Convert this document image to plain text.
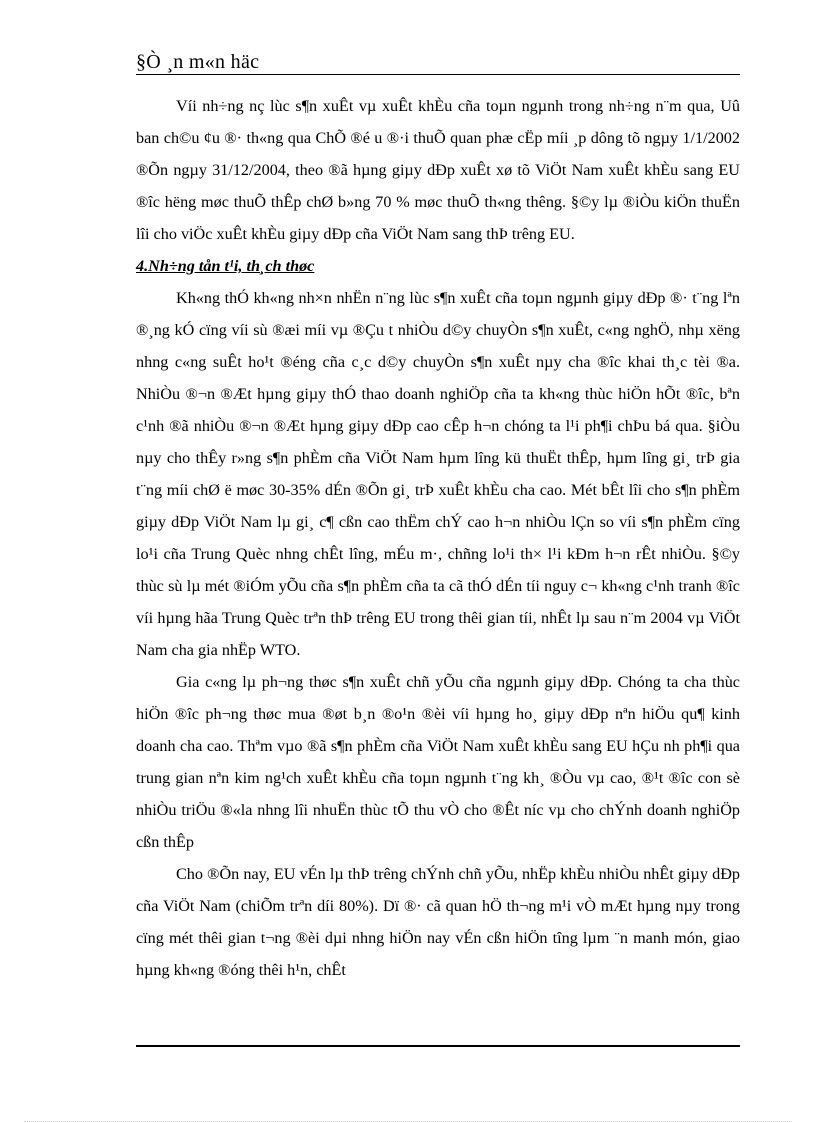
§Ò ¸n m«n häc

Víi nh÷ng nç lùc s¶n xuÊt vµ xuÊt khÈu cña toµn ngµnh trong nh÷ng n¨m qua, Uû ban ch©u ¢u ®· th«ng qua ChÕ ®é u ®·i thuÕ quan phæ cËp míi ¸p dông tõ ngµy 1/1/2002 ®Õn ngµy 31/12/2004, theo ®ã hµng giµy dÐp xuÊt xø tõ ViÖt Nam xuÊt khÈu sang EU ®îc hëng møc thuÕ thÊp chØ b»ng 70 % møc thuÕ th«ng thêng. §©y lµ ®iÒu kiÖn thuËn lîi cho viÖc xuÊt khÈu giµy dÐp cña ViÖt Nam sang thÞ trêng EU.

4.Nh÷ng tån t¹i, th¸ch thøc

Kh«ng thÓ kh«ng nh×n nhËn n¨ng lùc s¶n xuÊt cña toµn ngµnh giµy dÐp ®· t¨ng lªn ®¸ng kÓ cïng víi sù ®æi míi vµ ®Çu t nhiÒu d©y chuyÒn s¶n xuÊt, c«ng nghÖ, nhµ xëng nhng c«ng suÊt ho¹t ®éng cña c¸c d©y chuyÒn s¶n xuÊt nµy cha ®îc khai th¸c tèi ®a. NhiÒu ®¬n ®Æt hµng giµy thÓ thao doanh nghiÖp cña ta kh«ng thùc hiÖn hÕt ®îc, bªn c¹nh ®ã nhiÒu ®¬n ®Æt hµng giµy dÐp cao cÊp h¬n chóng ta l¹i ph¶i chÞu bá qua. §iÒu nµy cho thÊy r»ng s¶n phÈm cña ViÖt Nam hµm lîng kü thuËt thÊp, hµm lîng gi¸ trÞ gia t¨ng míi chØ ë møc 30-35% dÉn ®Õn gi¸ trÞ xuÊt khÈu cha cao. Mét bÊt lîi cho s¶n phÈm giµy dÐp ViÖt Nam lµ gi¸ c¶ cßn cao thËm chÝ cao h¬n nhiÒu lÇn so víi s¶n phÈm cïng lo¹i cña Trung Quèc nhng chÊt lîng, mÉu m·, chñng lo¹i th× l¹i kÐm h¬n rÊt nhiÒu. §©y thùc sù lµ mét ®iÓm yÕu cña s¶n phÈm cña ta cã thÓ dÉn tíi nguy c¬ kh«ng c¹nh tranh ®îc víi hµng hãa Trung Quèc trªn thÞ trêng EU trong thêi gian tíi, nhÊt lµ sau n¨m 2004 vµ ViÖt Nam cha gia nhËp WTO.

Gia c«ng lµ ph¬ng thøc s¶n xuÊt chñ yÕu cña ngµnh giµy dÐp. Chóng ta cha thùc hiÖn ®îc ph¬ng thøc mua ®øt b¸n ®o¹n ®èi víi hµng ho¸ giµy dÐp nªn hiÖu qu¶ kinh doanh cha cao. Thªm vµo ®ã s¶n phÈm cña ViÖt Nam xuÊt khÈu sang EU hÇu nh ph¶i qua trung gian nªn kim ng¹ch xuÊt khÈu cña toµn ngµnh t¨ng kh¸ ®Òu vµ cao, ®¹t ®îc con sè nhiÒu triÖu ®«la nhng lîi nhuËn thùc tÕ thu vÒ cho ®Êt níc vµ cho chÝnh doanh nghiÖp cßn thÊp

Cho ®Õn nay, EU vÉn lµ thÞ trêng chÝnh chñ yÕu, nhËp khÈu nhiÒu nhÊt giµy dÐp cña ViÖt Nam (chiÕm trªn díi 80%). Dï ®· cã quan hÖ th¬ng m¹i vÒ mÆt hµng nµy trong cïng mét thêi gian t¬ng ®èi dµi nhng hiÖn nay vÉn cßn hiÖn tîng lµm ¨n manh món, giao hµng kh«ng ®óng thêi h¹n, chÊt
